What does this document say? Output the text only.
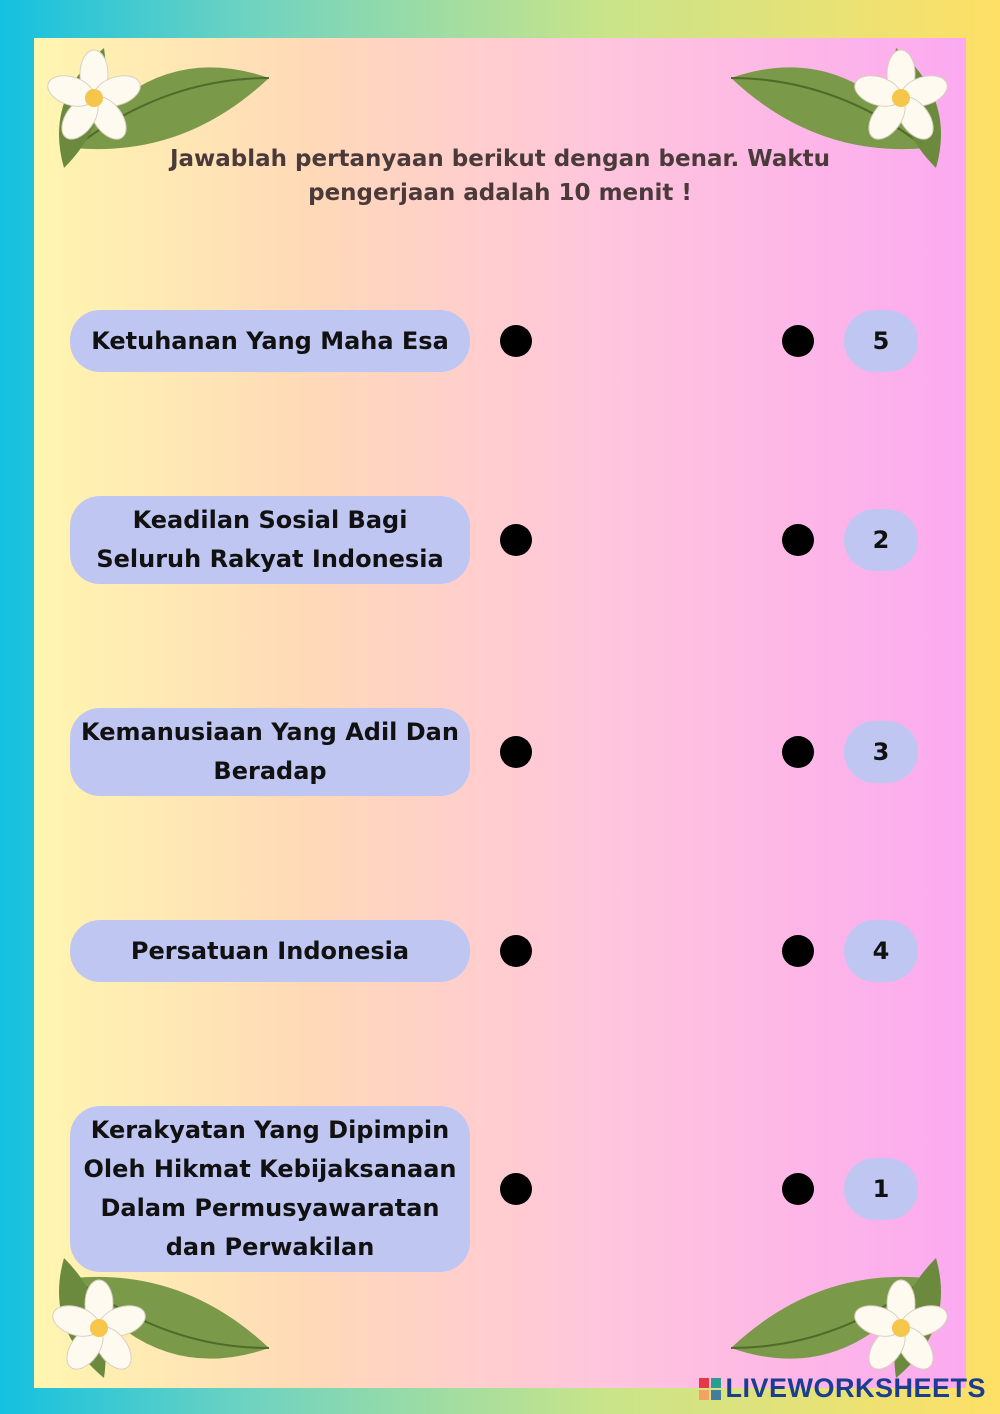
Jawablah pertanyaan berikut dengan benar. Waktu pengerjaan adalah 10 menit !
Ketuhanan Yang Maha Esa	5
Keadilan Sosial Bagi Seluruh Rakyat Indonesia
2
Kemanusiaan Yang Adil Dan Beradap
3
Persatuan Indonesia	4
Kerakyatan Yang Dipimpin Oleh Hikmat Kebijaksanaan Dalam Permusyawaratan dan Perwakilan
1
LIVEWORKSHEETS
